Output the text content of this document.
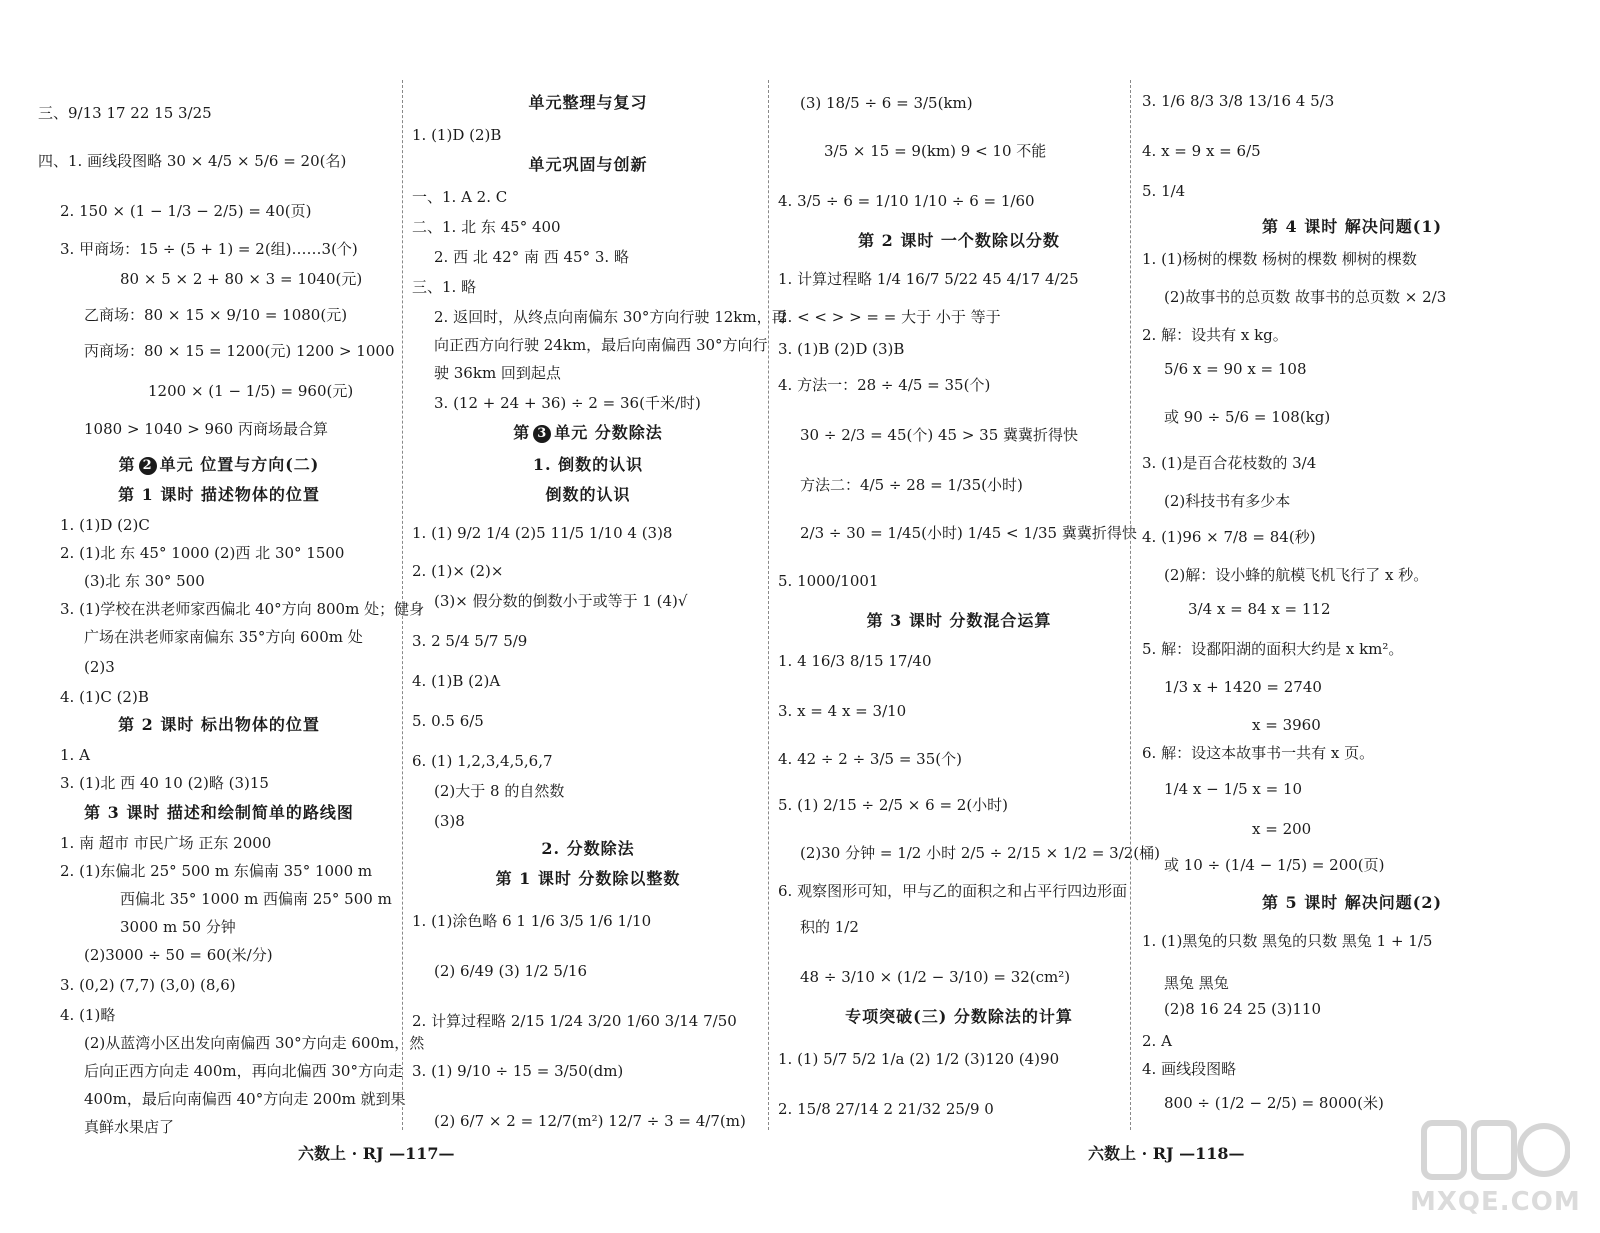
三、9/13 17 22 15 3/25
四、1. 画线段图略 30 × 4/5 × 5/6 = 20(名)
2. 150 × (1 − 1/3 − 2/5) = 40(页)
3. 甲商场：15 ÷ (5 + 1) = 2(组)……3(个)
80 × 5 × 2 + 80 × 3 = 1040(元)
乙商场：80 × 15 × 9/10 = 1080(元)
丙商场：80 × 15 = 1200(元) 1200 > 1000
1200 × (1 − 1/5) = 960(元)
1080 > 1040 > 960 丙商场最合算
第 2 单元 位置与方向(二)
第 1 课时 描述物体的位置
1. (1)D (2)C
2. (1)北 东 45° 1000 (2)西 北 30° 1500
(3)北 东 30° 500
3. (1)学校在洪老师家西偏北 40°方向 800m 处；健身
广场在洪老师家南偏东 35°方向 600m 处
(2)3
4. (1)C (2)B
第 2 课时 标出物体的位置
1. A
3. (1)北 西 40 10 (2)略 (3)15
第 3 课时 描述和绘制简单的路线图
1. 南 超市 市民广场 正东 2000
2. (1)东偏北 25° 500 m 东偏南 35° 1000 m
西偏北 35° 1000 m 西偏南 25° 500 m
3000 m 50 分钟
(2)3000 ÷ 50 = 60(米/分)
3. (0,2) (7,7) (3,0) (8,6)
4. (1)略
(2)从蓝湾小区出发向南偏西 30°方向走 600m，然
后向正西方向走 400m，再向北偏西 30°方向走
400m，最后向南偏西 40°方向走 200m 就到果
真鲜水果店了
单元整理与复习
1. (1)D (2)B
单元巩固与创新
一、1. A 2. C
二、1. 北 东 45° 400
2. 西 北 42° 南 西 45° 3. 略
三、1. 略
2. 返回时，从终点向南偏东 30°方向行驶 12km，再
向正西方向行驶 24km，最后向南偏西 30°方向行
驶 36km 回到起点
3. (12 + 24 + 36) ÷ 2 = 36(千米/时)
第 3 单元 分数除法
1. 倒数的认识
倒数的认识
1. (1) 9/2 1/4 (2)5 11/5 1/10 4 (3)8
2. (1)× (2)×
(3)× 假分数的倒数小于或等于 1 (4)√
3. 2 5/4 5/7 5/9
4. (1)B (2)A
5. 0.5 6/5
6. (1) 1,2,3,4,5,6,7
(2)大于 8 的自然数
(3)8
2. 分数除法
第 1 课时 分数除以整数
1. (1)涂色略 6 1 1/6 3/5 1/6 1/10
(2) 6/49 (3) 1/2 5/16
2. 计算过程略 2/15 1/24 3/20 1/60 3/14 7/50
3. (1) 9/10 ÷ 15 = 3/50(dm)
(2) 6/7 × 2 = 12/7(m²) 12/7 ÷ 3 = 4/7(m)
(3) 18/5 ÷ 6 = 3/5(km)
3/5 × 15 = 9(km) 9 < 10 不能
4. 3/5 ÷ 6 = 1/10 1/10 ÷ 6 = 1/60
第 2 课时 一个数除以分数
1. 计算过程略 1/4 16/7 5/22 45 4/17 4/25
2. < < > > = = 大于 小于 等于
3. (1)B (2)D (3)B
4. 方法一：28 ÷ 4/5 = 35(个)
30 ÷ 2/3 = 45(个) 45 > 35 冀冀折得快
方法二：4/5 ÷ 28 = 1/35(小时)
2/3 ÷ 30 = 1/45(小时) 1/45 < 1/35 冀冀折得快
5. 1000/1001
第 3 课时 分数混合运算
1. 4 16/3 8/15 17/40
3. x = 4 x = 3/10
4. 42 ÷ 2 ÷ 3/5 = 35(个)
5. (1) 2/15 ÷ 2/5 × 6 = 2(小时)
(2)30 分钟 = 1/2 小时 2/5 ÷ 2/15 × 1/2 = 3/2(桶)
6. 观察图形可知，甲与乙的面积之和占平行四边形面
积的 1/2
48 ÷ 3/10 × (1/2 − 3/10) = 32(cm²)
专项突破(三) 分数除法的计算
1. (1) 5/7 5/2 1/a (2) 1/2 (3)120 (4)90
2. 15/8 27/14 2 21/32 25/9 0
3. 1/6 8/3 3/8 13/16 4 5/3
4. x = 9 x = 6/5
5. 1/4
第 4 课时 解决问题(1)
1. (1)杨树的棵数 杨树的棵数 柳树的棵数
(2)故事书的总页数 故事书的总页数 × 2/3
2. 解：设共有 x kg。
5/6 x = 90 x = 108
或 90 ÷ 5/6 = 108(kg)
3. (1)是百合花枝数的 3/4
(2)科技书有多少本
4. (1)96 × 7/8 = 84(秒)
(2)解：设小蜂的航模飞机飞行了 x 秒。
3/4 x = 84 x = 112
5. 解：设鄱阳湖的面积大约是 x km²。
1/3 x + 1420 = 2740
x = 3960
6. 解：设这本故事书一共有 x 页。
1/4 x − 1/5 x = 10
x = 200
或 10 ÷ (1/4 − 1/5) = 200(页)
第 5 课时 解决问题(2)
1. (1)黑兔的只数 黑兔的只数 黑兔 1 + 1/5
黑兔 黑兔
(2)8 16 24 25 (3)110
2. A
4. 画线段图略
800 ÷ (1/2 − 2/5) = 8000(米)
六数上 · RJ —117—	六数上 · RJ —118—
MXQE.COM
